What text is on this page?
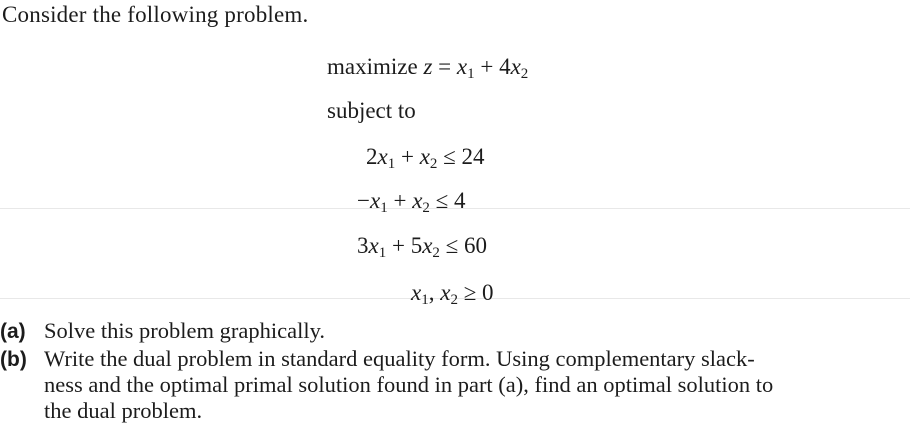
Consider the following problem.
maximize $z = x_1 + 4x_2$
subject to
$2x_1 + x_2 \le 24$
$-x_1 + x_2 \le 4$
$3x_1 + 5x_2 \le 60$
$x_1$, $x_2 \ge 0$
(a) Solve this problem graphically.
(b) Write the dual problem in standard equality form. Using complementary slack-
ness and the optimal primal solution found in part (a), find an optimal solution to
the dual problem.
